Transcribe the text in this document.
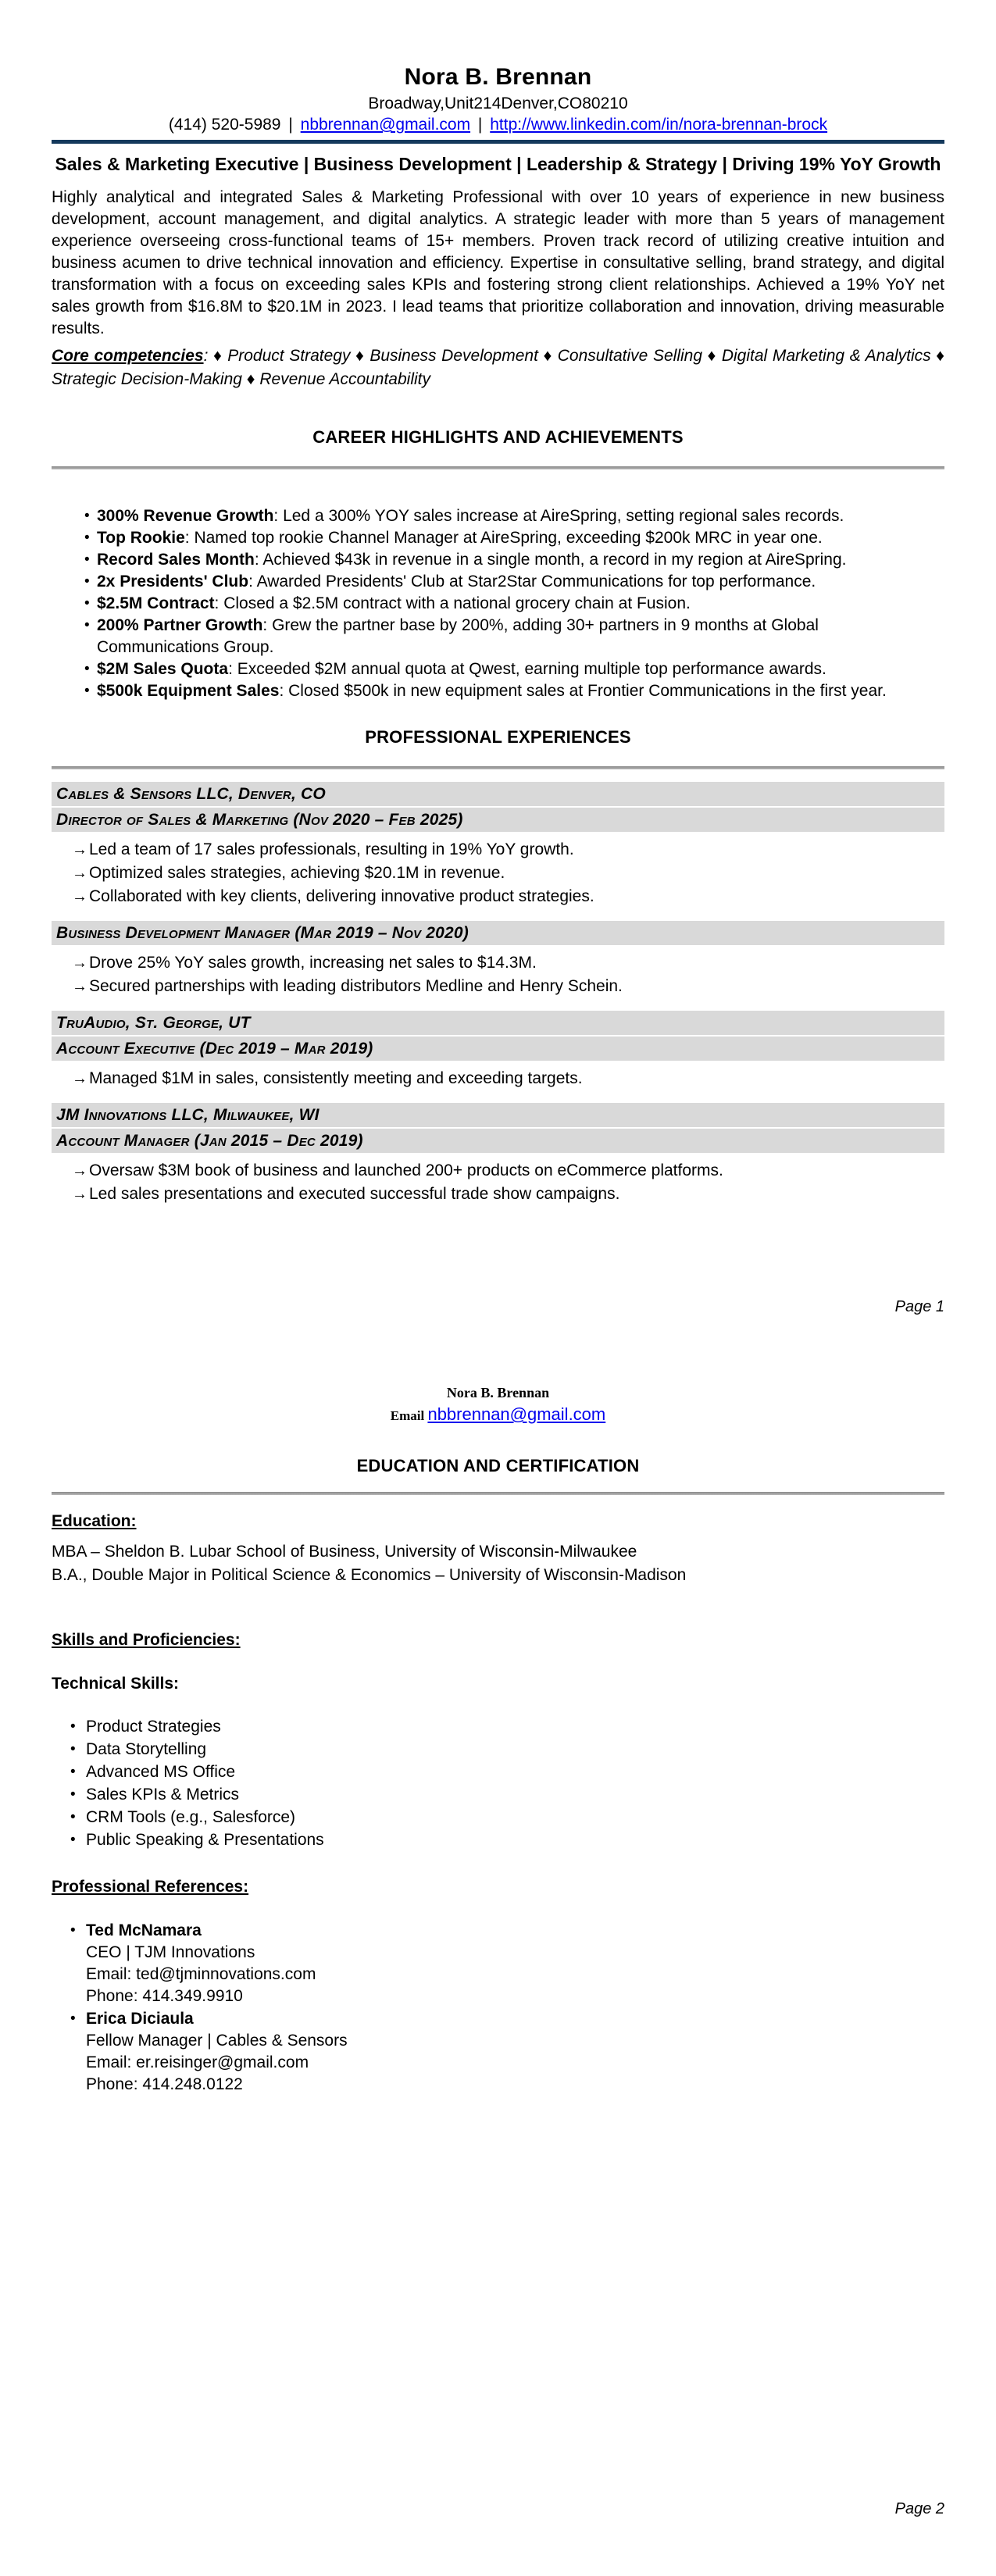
Nora B. Brennan
Broadway,Unit214Denver,CO80210
(414) 520-5989 | nbbrennan@gmail.com | http://www.linkedin.com/in/nora-brennan-brock
Sales & Marketing Executive | Business Development | Leadership & Strategy | Driving 19% YoY Growth

Highly analytical and integrated Sales & Marketing Professional with over 10 years of experience in new business development, account management, and digital analytics. A strategic leader with more than 5 years of management experience overseeing cross-functional teams of 15+ members. Proven track record of utilizing creative intuition and business acumen to drive technical innovation and efficiency. Expertise in consultative selling, brand strategy, and digital transformation with a focus on exceeding sales KPIs and fostering strong client relationships. Achieved a 19% YoY net sales growth from $16.8M to $20.1M in 2023. I lead teams that prioritize collaboration and innovation, driving measurable results.

Core competencies: ♦ Product Strategy ♦ Business Development ♦ Consultative Selling ♦ Digital Marketing & Analytics ♦ Strategic Decision-Making ♦ Revenue Accountability

CAREER HIGHLIGHTS AND ACHIEVEMENTS
• 300% Revenue Growth: Led a 300% YOY sales increase at AireSpring, setting regional sales records.
• Top Rookie: Named top rookie Channel Manager at AireSpring, exceeding $200k MRC in year one.
• Record Sales Month: Achieved $43k in revenue in a single month, a record in my region at AireSpring.
• 2x Presidents' Club: Awarded Presidents' Club at Star2Star Communications for top performance.
• $2.5M Contract: Closed a $2.5M contract with a national grocery chain at Fusion.
• 200% Partner Growth: Grew the partner base by 200%, adding 30+ partners in 9 months at Global Communications Group.
• $2M Sales Quota: Exceeded $2M annual quota at Qwest, earning multiple top performance awards.
• $500k Equipment Sales: Closed $500k in new equipment sales at Frontier Communications in the first year.
PROFESSIONAL EXPERIENCES
Cables & Sensors LLC, Denver, CO
Director of Sales & Marketing (Nov 2020 – Feb 2025)
→ Led a team of 17 sales professionals, resulting in 19% YoY growth.
→ Optimized sales strategies, achieving $20.1M in revenue.
→ Collaborated with key clients, delivering innovative product strategies.
Business Development Manager (Mar 2019 – Nov 2020)
→ Drove 25% YoY sales growth, increasing net sales to $14.3M.
→ Secured partnerships with leading distributors Medline and Henry Schein.
TruAudio, St. George, UT
Account Executive (Dec 2019 – Mar 2019)
→ Managed $1M in sales, consistently meeting and exceeding targets.
JM Innovations LLC, Milwaukee, WI
Account Manager (Jan 2015 – Dec 2019)
→ Oversaw $3M book of business and launched 200+ products on eCommerce platforms.
→ Led sales presentations and executed successful trade show campaigns.
Page 1
Nora B. Brennan
Email nbbrennan@gmail.com
EDUCATION AND CERTIFICATION
Education:
MBA – Sheldon B. Lubar School of Business, University of Wisconsin-Milwaukee
B.A., Double Major in Political Science & Economics – University of Wisconsin-Madison
Skills and Proficiencies:
Technical Skills:
• Product Strategies
• Data Storytelling
• Advanced MS Office
• Sales KPIs & Metrics
• CRM Tools (e.g., Salesforce)
• Public Speaking & Presentations
Professional References:
• Ted McNamara
CEO | TJM Innovations
Email: ted@tjminnovations.com
Phone: 414.349.9910
• Erica Diciaula
Fellow Manager | Cables & Sensors
Email: er.reisinger@gmail.com
Phone: 414.248.0122
Page 2
